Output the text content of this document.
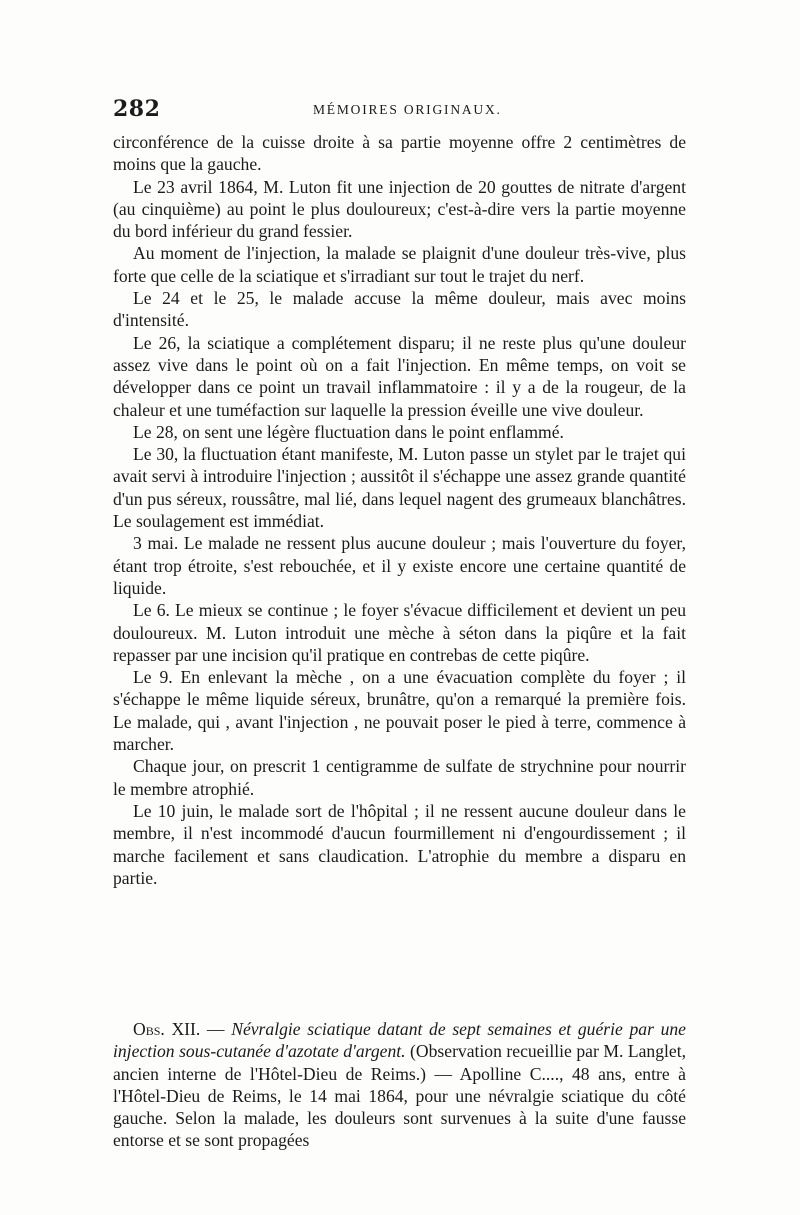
282	MÉMOIRES ORIGINAUX.

circonférence de la cuisse droite à sa partie moyenne offre 2 centimètres de moins que la gauche.

Le 23 avril 1864, M. Luton fit une injection de 20 gouttes de nitrate d'argent (au cinquième) au point le plus douloureux; c'est-à-dire vers la partie moyenne du bord inférieur du grand fessier.

Au moment de l'injection, la malade se plaignit d'une douleur très-vive, plus forte que celle de la sciatique et s'irradiant sur tout le trajet du nerf.

Le 24 et le 25, le malade accuse la même douleur, mais avec moins d'intensité.

Le 26, la sciatique a complétement disparu; il ne reste plus qu'une douleur assez vive dans le point où on a fait l'injection. En même temps, on voit se développer dans ce point un travail inflammatoire : il y a de la rougeur, de la chaleur et une tuméfaction sur laquelle la pression éveille une vive douleur.

Le 28, on sent une légère fluctuation dans le point enflammé.

Le 30, la fluctuation étant manifeste, M. Luton passe un stylet par le trajet qui avait servi à introduire l'injection ; aussitôt il s'échappe une assez grande quantité d'un pus séreux, roussâtre, mal lié, dans lequel nagent des grumeaux blanchâtres. Le soulagement est immédiat.

3 mai. Le malade ne ressent plus aucune douleur ; mais l'ouverture du foyer, étant trop étroite, s'est rebouchée, et il y existe encore une certaine quantité de liquide.

Le 6. Le mieux se continue ; le foyer s'évacue difficilement et devient un peu douloureux. M. Luton introduit une mèche à séton dans la piqûre et la fait repasser par une incision qu'il pratique en contrebas de cette piqûre.

Le 9. En enlevant la mèche , on a une évacuation complète du foyer ; il s'échappe le même liquide séreux, brunâtre, qu'on a remarqué la première fois. Le malade, qui , avant l'injection , ne pouvait poser le pied à terre, commence à marcher.

Chaque jour, on prescrit 1 centigramme de sulfate de strychnine pour nourrir le membre atrophié.

Le 10 juin, le malade sort de l'hôpital ; il ne ressent aucune douleur dans le membre, il n'est incommodé d'aucun fourmillement ni d'engourdissement ; il marche facilement et sans claudication. L'atrophie du membre a disparu en partie.

Obs. XII. — Névralgie sciatique datant de sept semaines et guérie par une injection sous-cutanée d'azotate d'argent. (Observation recueillie par M. Langlet, ancien interne de l'Hôtel-Dieu de Reims.) — Apolline C...., 48 ans, entre à l'Hôtel-Dieu de Reims, le 14 mai 1864, pour une névralgie sciatique du côté gauche. Selon la malade, les douleurs sont survenues à la suite d'une fausse entorse et se sont propagées
